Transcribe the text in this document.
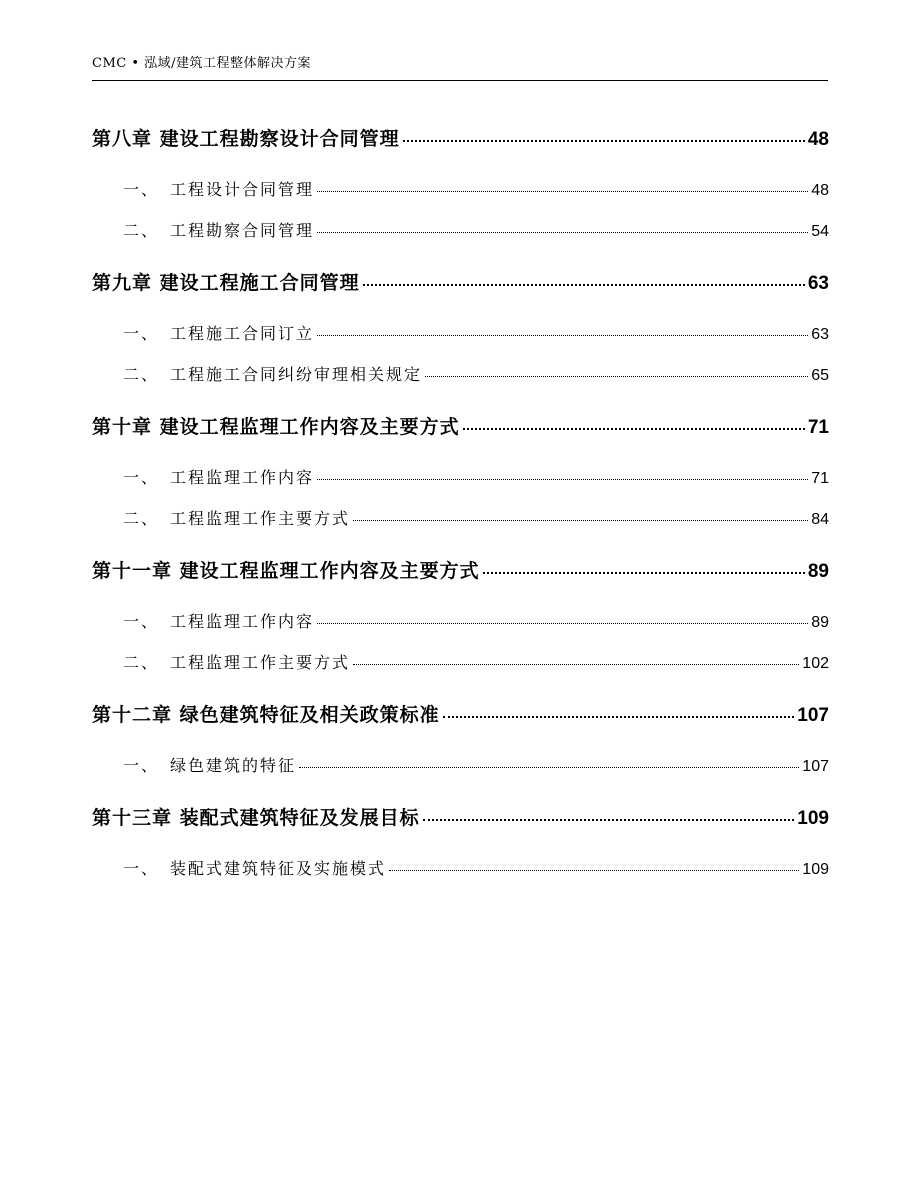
CMC • 泓域/建筑工程整体解决方案
第八章 建设工程勘察设计合同管理	48
一、 工程设计合同管理	48
二、 工程勘察合同管理	54
第九章 建设工程施工合同管理	63
一、 工程施工合同订立	63
二、 工程施工合同纠纷审理相关规定	65
第十章 建设工程监理工作内容及主要方式	71
一、 工程监理工作内容	71
二、 工程监理工作主要方式	84
第十一章 建设工程监理工作内容及主要方式	89
一、 工程监理工作内容	89
二、 工程监理工作主要方式	102
第十二章 绿色建筑特征及相关政策标准	107
一、 绿色建筑的特征	107
第十三章 装配式建筑特征及发展目标	109
一、 装配式建筑特征及实施模式	109
